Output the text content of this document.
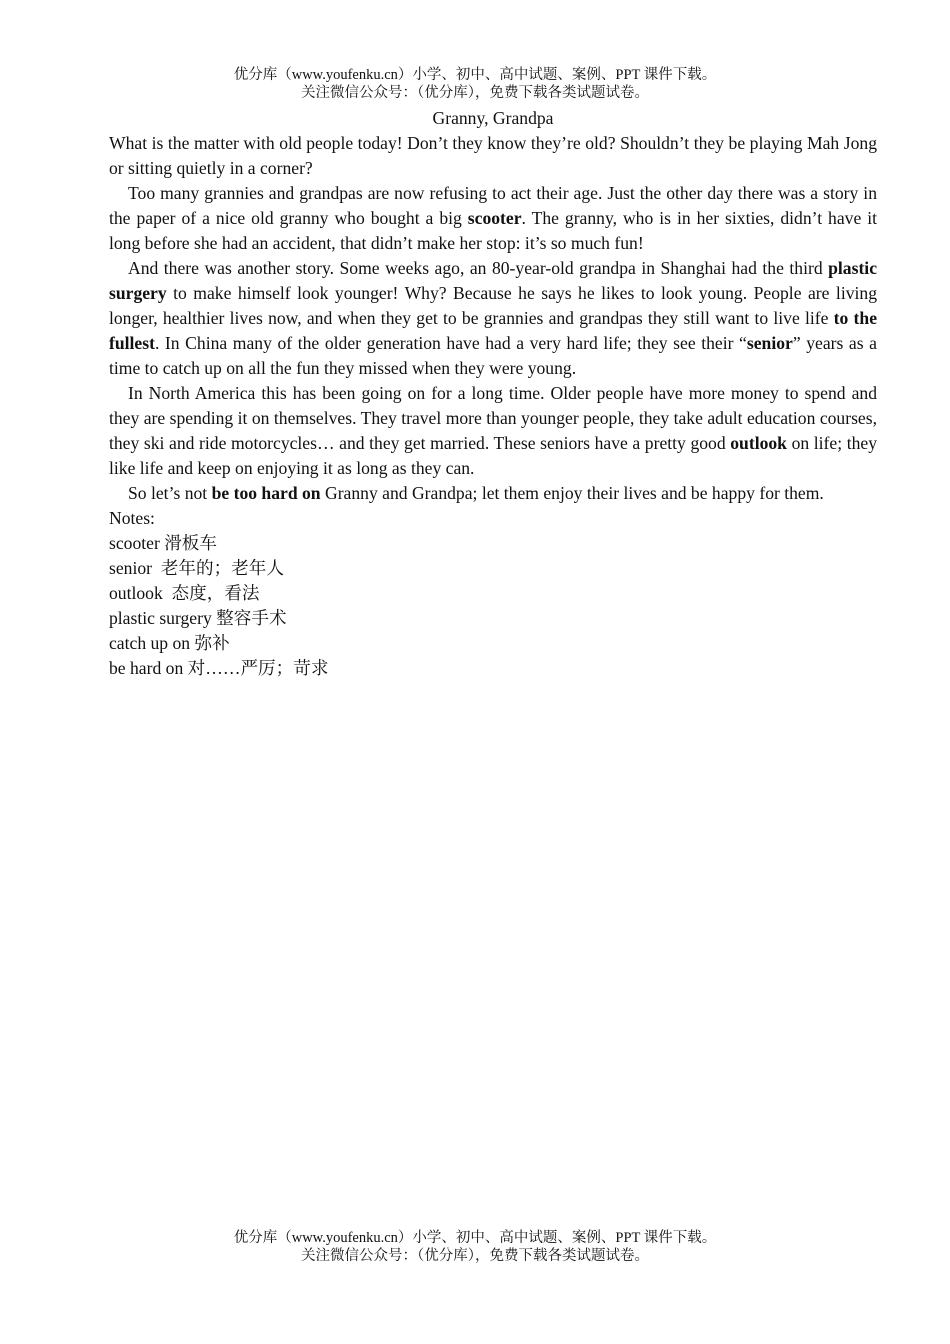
优分库（www.youfenku.cn）小学、初中、高中试题、案例、PPT 课件下载。
关注微信公众号：（优分库），免费下载各类试题试卷。
Granny, Grandpa

What is the matter with old people today! Don’t they know they’re old? Shouldn’t they be playing Mah Jong or sitting quietly in a corner?

Too many grannies and grandpas are now refusing to act their age. Just the other day there was a story in the paper of a nice old granny who bought a big scooter. The granny, who is in her sixties, didn’t have it long before she had an accident, that didn’t make her stop: it’s so much fun!

And there was another story. Some weeks ago, an 80-year-old grandpa in Shanghai had the third plastic surgery to make himself look younger! Why? Because he says he likes to look young. People are living longer, healthier lives now, and when they get to be grannies and grandpas they still want to live life to the fullest. In China many of the older generation have had a very hard life; they see their “senior” years as a time to catch up on all the fun they missed when they were young.

In North America this has been going on for a long time. Older people have more money to spend and they are spending it on themselves. They travel more than younger people, they take adult education courses, they ski and ride motorcycles… and they get married. These seniors have a pretty good outlook on life; they like life and keep on enjoying it as long as they can.

So let’s not be too hard on Granny and Grandpa; let them enjoy their lives and be happy for them.

Notes:
scooter 滑板车
senior  老年的；老年人
outlook  态度，看法
plastic surgery 整容手术
catch up on 弥补
be hard on 对……严厉；苛求
优分库（www.youfenku.cn）小学、初中、高中试题、案例、PPT 课件下载。
关注微信公众号：（优分库），免费下载各类试题试卷。
